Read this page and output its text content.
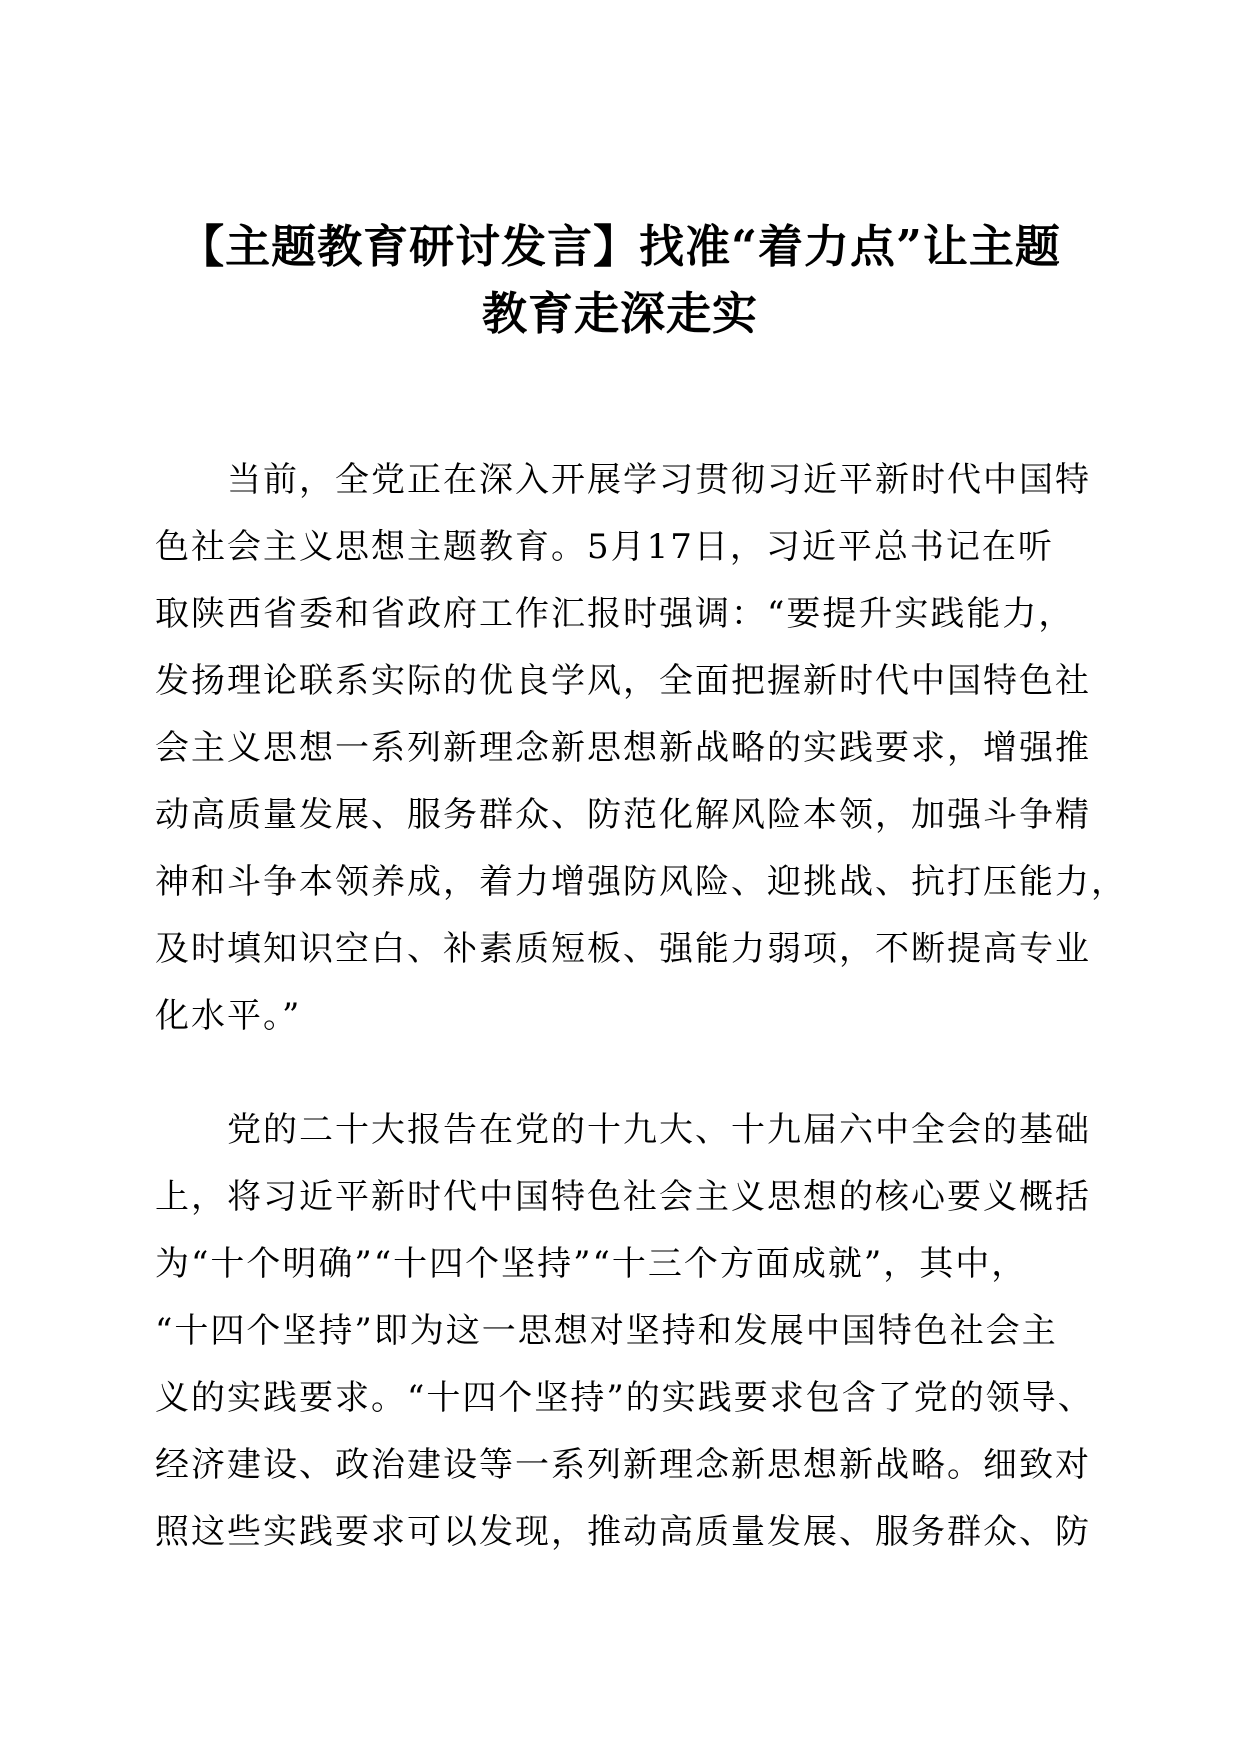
【主题教育研讨发言】找准“着力点”让主题
教育走深走实

当前，全党正在深入开展学习贯彻习近平新时代中国特
色社会主义思想主题教育。5月17日，习近平总书记在听
取陕西省委和省政府工作汇报时强调：“要提升实践能力，
发扬理论联系实际的优良学风，全面把握新时代中国特色社
会主义思想一系列新理念新思想新战略的实践要求，增强推
动高质量发展、服务群众、防范化解风险本领，加强斗争精
神和斗争本领养成，着力增强防风险、迎挑战、抗打压能力，
及时填知识空白、补素质短板、强能力弱项，不断提高专业
化水平。”

党的二十大报告在党的十九大、十九届六中全会的基础
上，将习近平新时代中国特色社会主义思想的核心要义概括
为“十个明确”“十四个坚持”“十三个方面成就”，其中，
“十四个坚持”即为这一思想对坚持和发展中国特色社会主
义的实践要求。“十四个坚持”的实践要求包含了党的领导、
经济建设、政治建设等一系列新理念新思想新战略。细致对
照这些实践要求可以发现，推动高质量发展、服务群众、防
